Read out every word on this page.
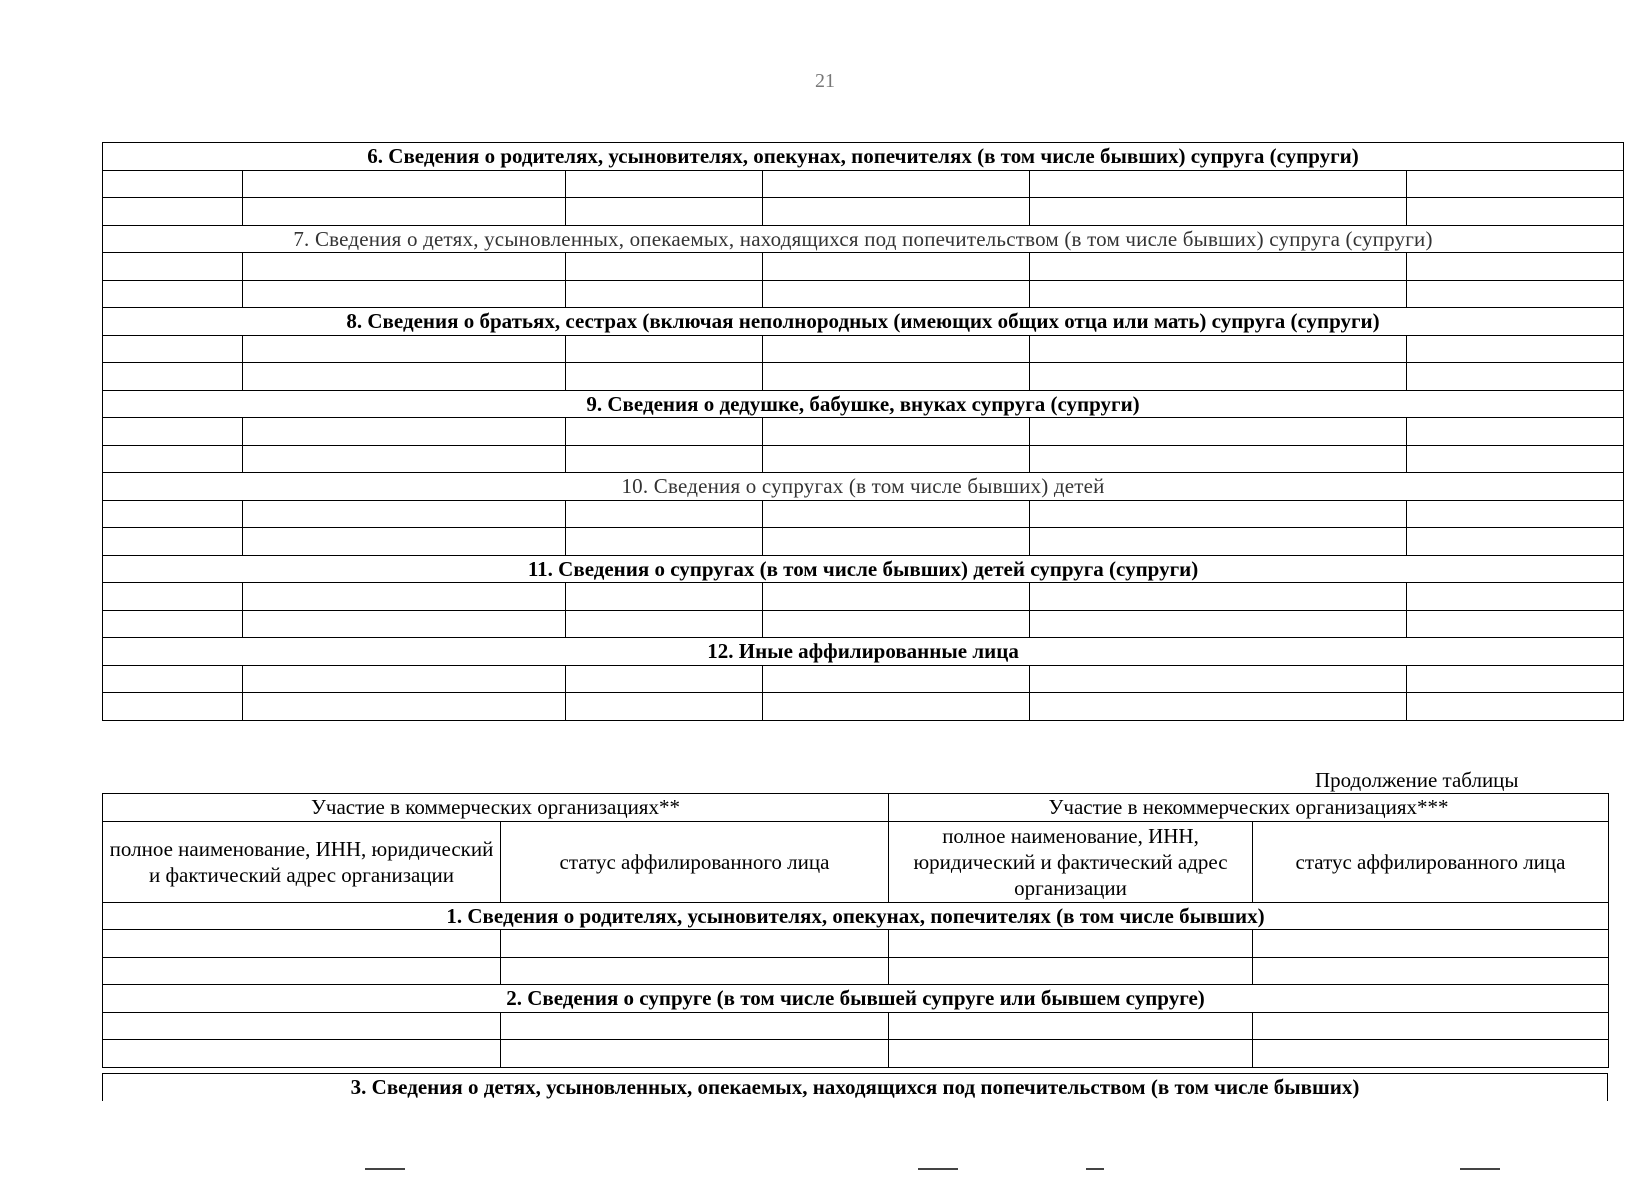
21
6. Сведения о родителях, усыновителях, опекунах, попечителях (в том числе бывших) супруга (супруги)					

7. Сведения о детях, усыновленных, опекаемых, находящихся под попечительством (в том числе бывших) супруга (супруги)					

8. Сведения о братьях, сестрах (включая неполнородных (имеющих общих отца или мать) супруга (супруги)					

9. Сведения о дедушке, бабушке, внуках супруга (супруги)					

10. Сведения о супругах (в том числе бывших) детей					

11. Сведения о супругах (в том числе бывших) детей супруга (супруги)					

12. Иные аффилированные лица					

Продолжение таблицы
Участие в коммерческих организациях**		Участие в некоммерческих организациях***	
полное наименование, ИНН, юридический и фактический адрес организации	статус аффилированного лица	полное наименование, ИНН, юридический и фактический адрес организации	статус аффилированного лица
1. Сведения о родителях, усыновителях, опекунах, попечителях (в том числе бывших)			

2. Сведения о супруге (в том числе бывшей супруге или бывшем супруге)			

3. Сведения о детях, усыновленных, опекаемых, находящихся под попечительством (в том числе бывших)
